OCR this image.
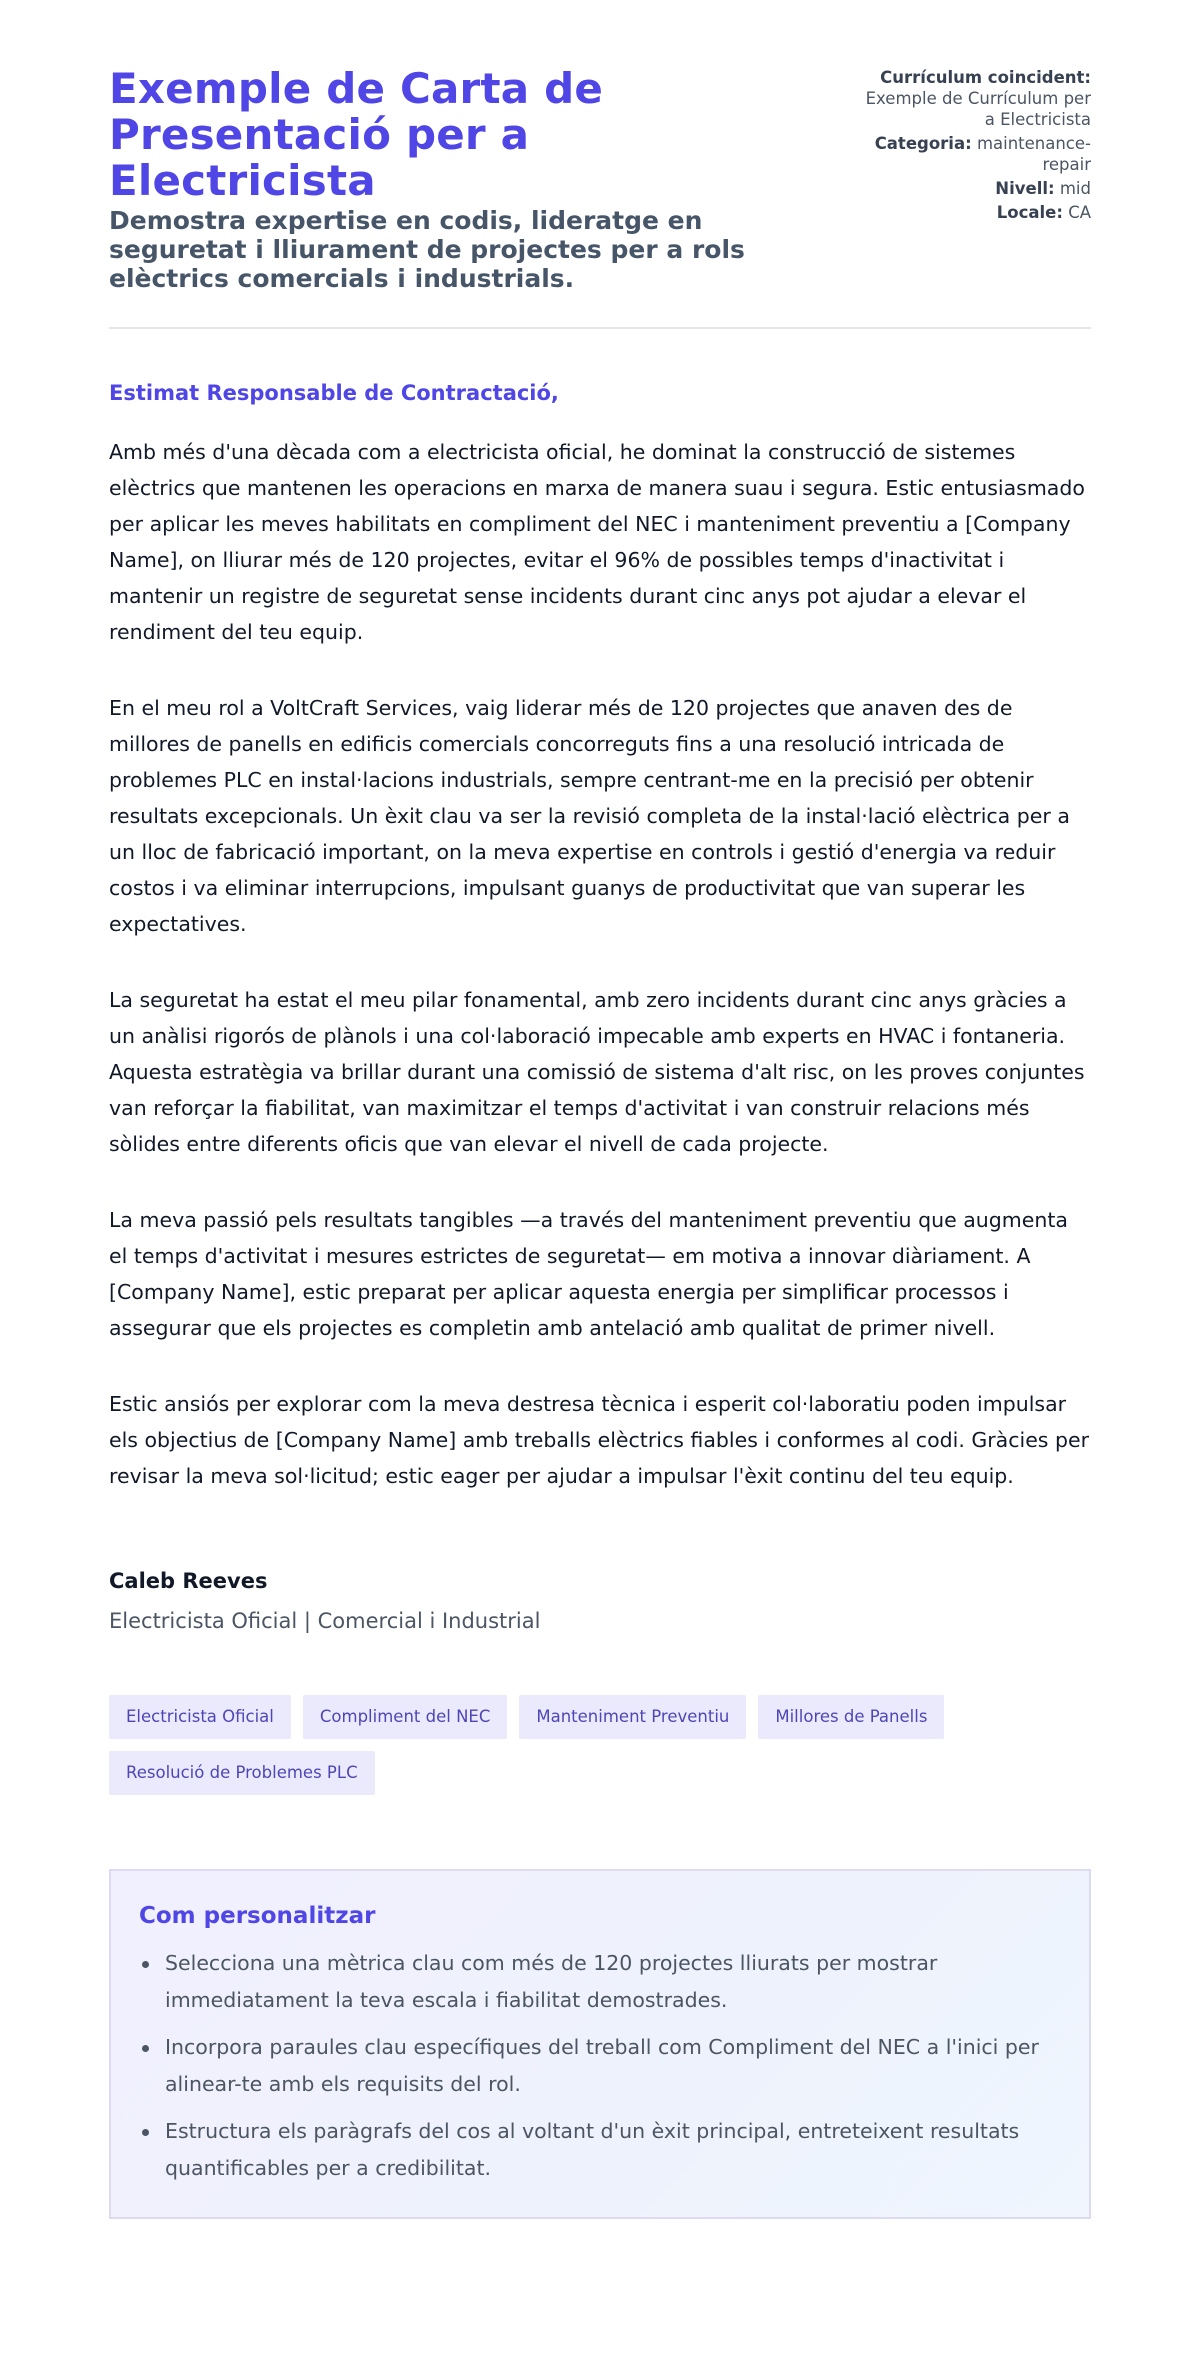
Exemple de Carta de Presentació per a Electricista
Demostra expertise en codis, lideratge en seguretat i lliurament de projectes per a rols elèctrics comercials i industrials.
Currículum coincident: Exemple de Currículum per a Electricista
Categoria: maintenance-repair
Nivell: mid
Locale: CA

Estimat Responsable de Contractació,

Amb més d'una dècada com a electricista oficial, he dominat la construcció de sistemes elèctrics que mantenen les operacions en marxa de manera suau i segura. Estic entusiasmado per aplicar les meves habilitats en compliment del NEC i manteniment preventiu a [Company Name], on lliurar més de 120 projectes, evitar el 96% de possibles temps d'inactivitat i mantenir un registre de seguretat sense incidents durant cinc anys pot ajudar a elevar el rendiment del teu equip.

En el meu rol a VoltCraft Services, vaig liderar més de 120 projectes que anaven des de millores de panells en edificis comercials concorreguts fins a una resolució intricada de problemes PLC en instal·lacions industrials, sempre centrant-me en la precisió per obtenir resultats excepcionals. Un èxit clau va ser la revisió completa de la instal·lació elèctrica per a un lloc de fabricació important, on la meva expertise en controls i gestió d'energia va reduir costos i va eliminar interrupcions, impulsant guanys de productivitat que van superar les expectatives.

La seguretat ha estat el meu pilar fonamental, amb zero incidents durant cinc anys gràcies a un anàlisi rigorós de plànols i una col·laboració impecable amb experts en HVAC i fontaneria. Aquesta estratègia va brillar durant una comissió de sistema d'alt risc, on les proves conjuntes van reforçar la fiabilitat, van maximitzar el temps d'activitat i van construir relacions més sòlides entre diferents oficis que van elevar el nivell de cada projecte.

La meva passió pels resultats tangibles —a través del manteniment preventiu que augmenta el temps d'activitat i mesures estrictes de seguretat— em motiva a innovar diàriament. A [Company Name], estic preparat per aplicar aquesta energia per simplificar processos i assegurar que els projectes es completin amb antelació amb qualitat de primer nivell.

Estic ansiós per explorar com la meva destresa tècnica i esperit col·laboratiu poden impulsar els objectius de [Company Name] amb treballs elèctrics fiables i conformes al codi. Gràcies per revisar la meva sol·licitud; estic eager per ajudar a impulsar l'èxit continu del teu equip.

Caleb Reeves
Electricista Oficial | Comercial i Industrial
Electricista Oficial	Compliment del NEC	Manteniment Preventiu	Millores de Panells
Resolució de Problemes PLC
Com personalitzar
Selecciona una mètrica clau com més de 120 projectes lliurats per mostrar immediatament la teva escala i fiabilitat demostrades.
Incorpora paraules clau específiques del treball com Compliment del NEC a l'inici per alinear-te amb els requisits del rol.
Estructura els paràgrafs del cos al voltant d'un èxit principal, entreteixent resultats quantificables per a credibilitat.
